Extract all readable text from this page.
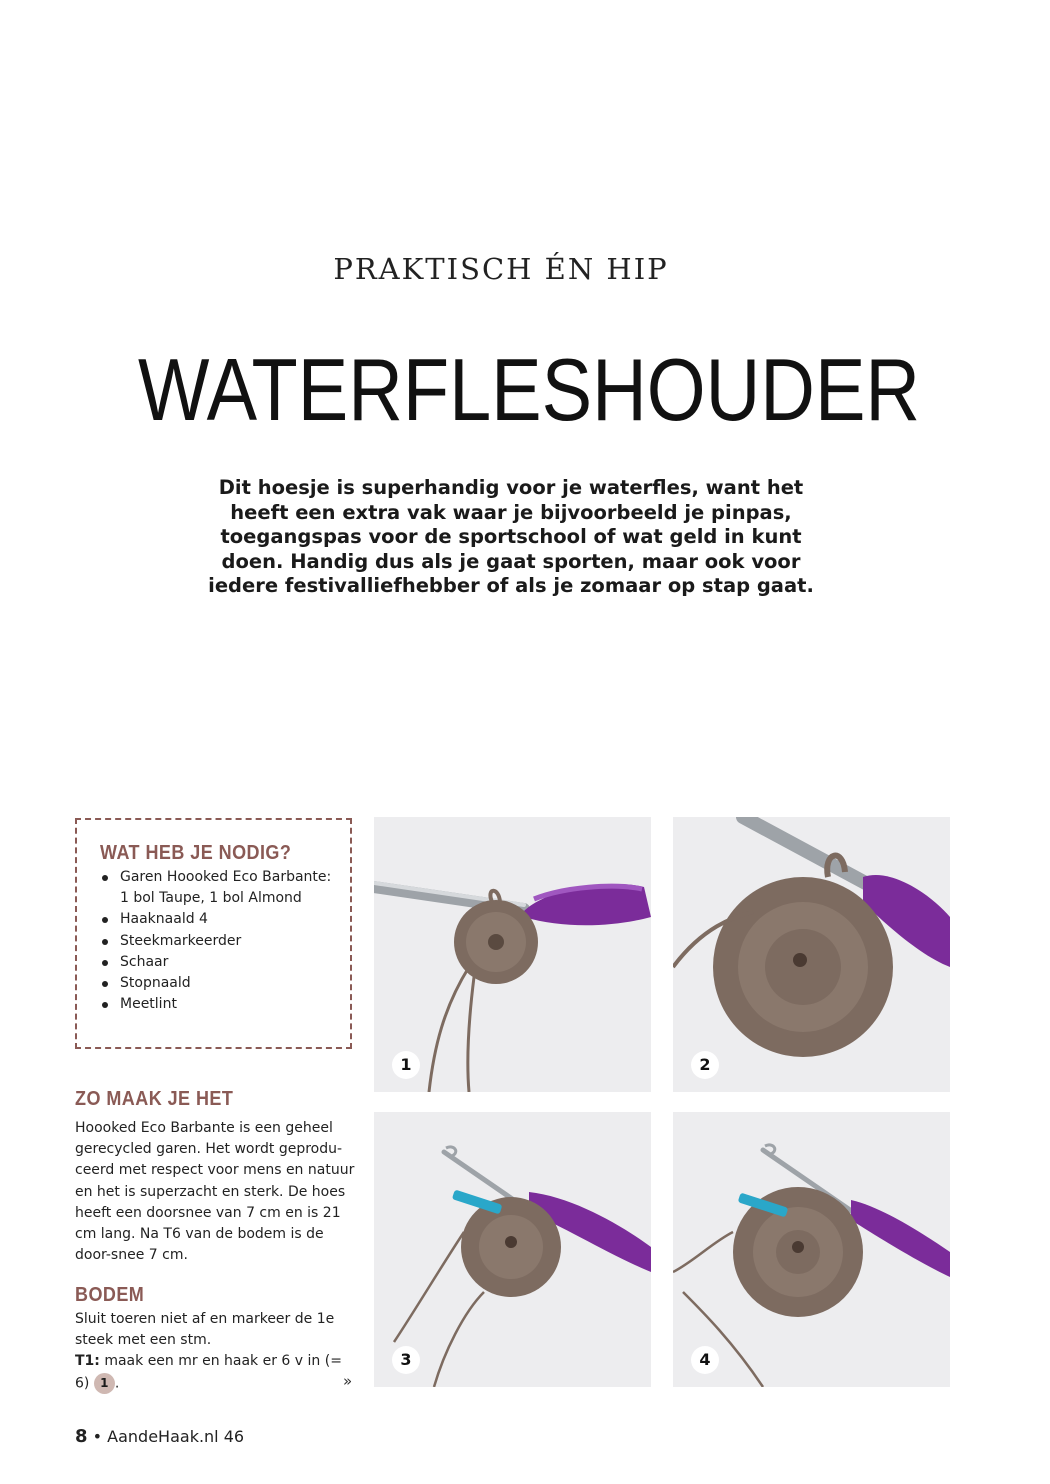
PRAKTISCH ÉN HIP
WATERFLESHOUDER
Dit hoesje is superhandig voor je waterfles, want het heeft een extra vak waar je bijvoorbeeld je pinpas, toegangspas voor de sportschool of wat geld in kunt doen. Handig dus als je gaat sporten, maar ook voor iedere festivalliefhebber of als je zomaar op stap gaat.
WAT HEB JE NODIG?
Garen Hoooked Eco Barbante: 1 bol Taupe, 1 bol Almond
Haaknaald 4
Steekmarkeerder
Schaar
Stopnaald
Meetlint
ZO MAAK JE HET
Hoooked Eco Barbante is een geheel gerecycled garen. Het wordt geprodu-ceerd met respect voor mens en natuur en het is superzacht en sterk. De hoes heeft een doorsnee van 7 cm en is 21 cm lang. Na T6 van de bodem is de door-snee 7 cm.
BODEM
Sluit toeren niet af en markeer de 1e steek met een stm.
T1: maak een mr en haak er 6 v in (= 6) 1 .	»
1	2
3	4
8 • AandeHaak.nl 46
